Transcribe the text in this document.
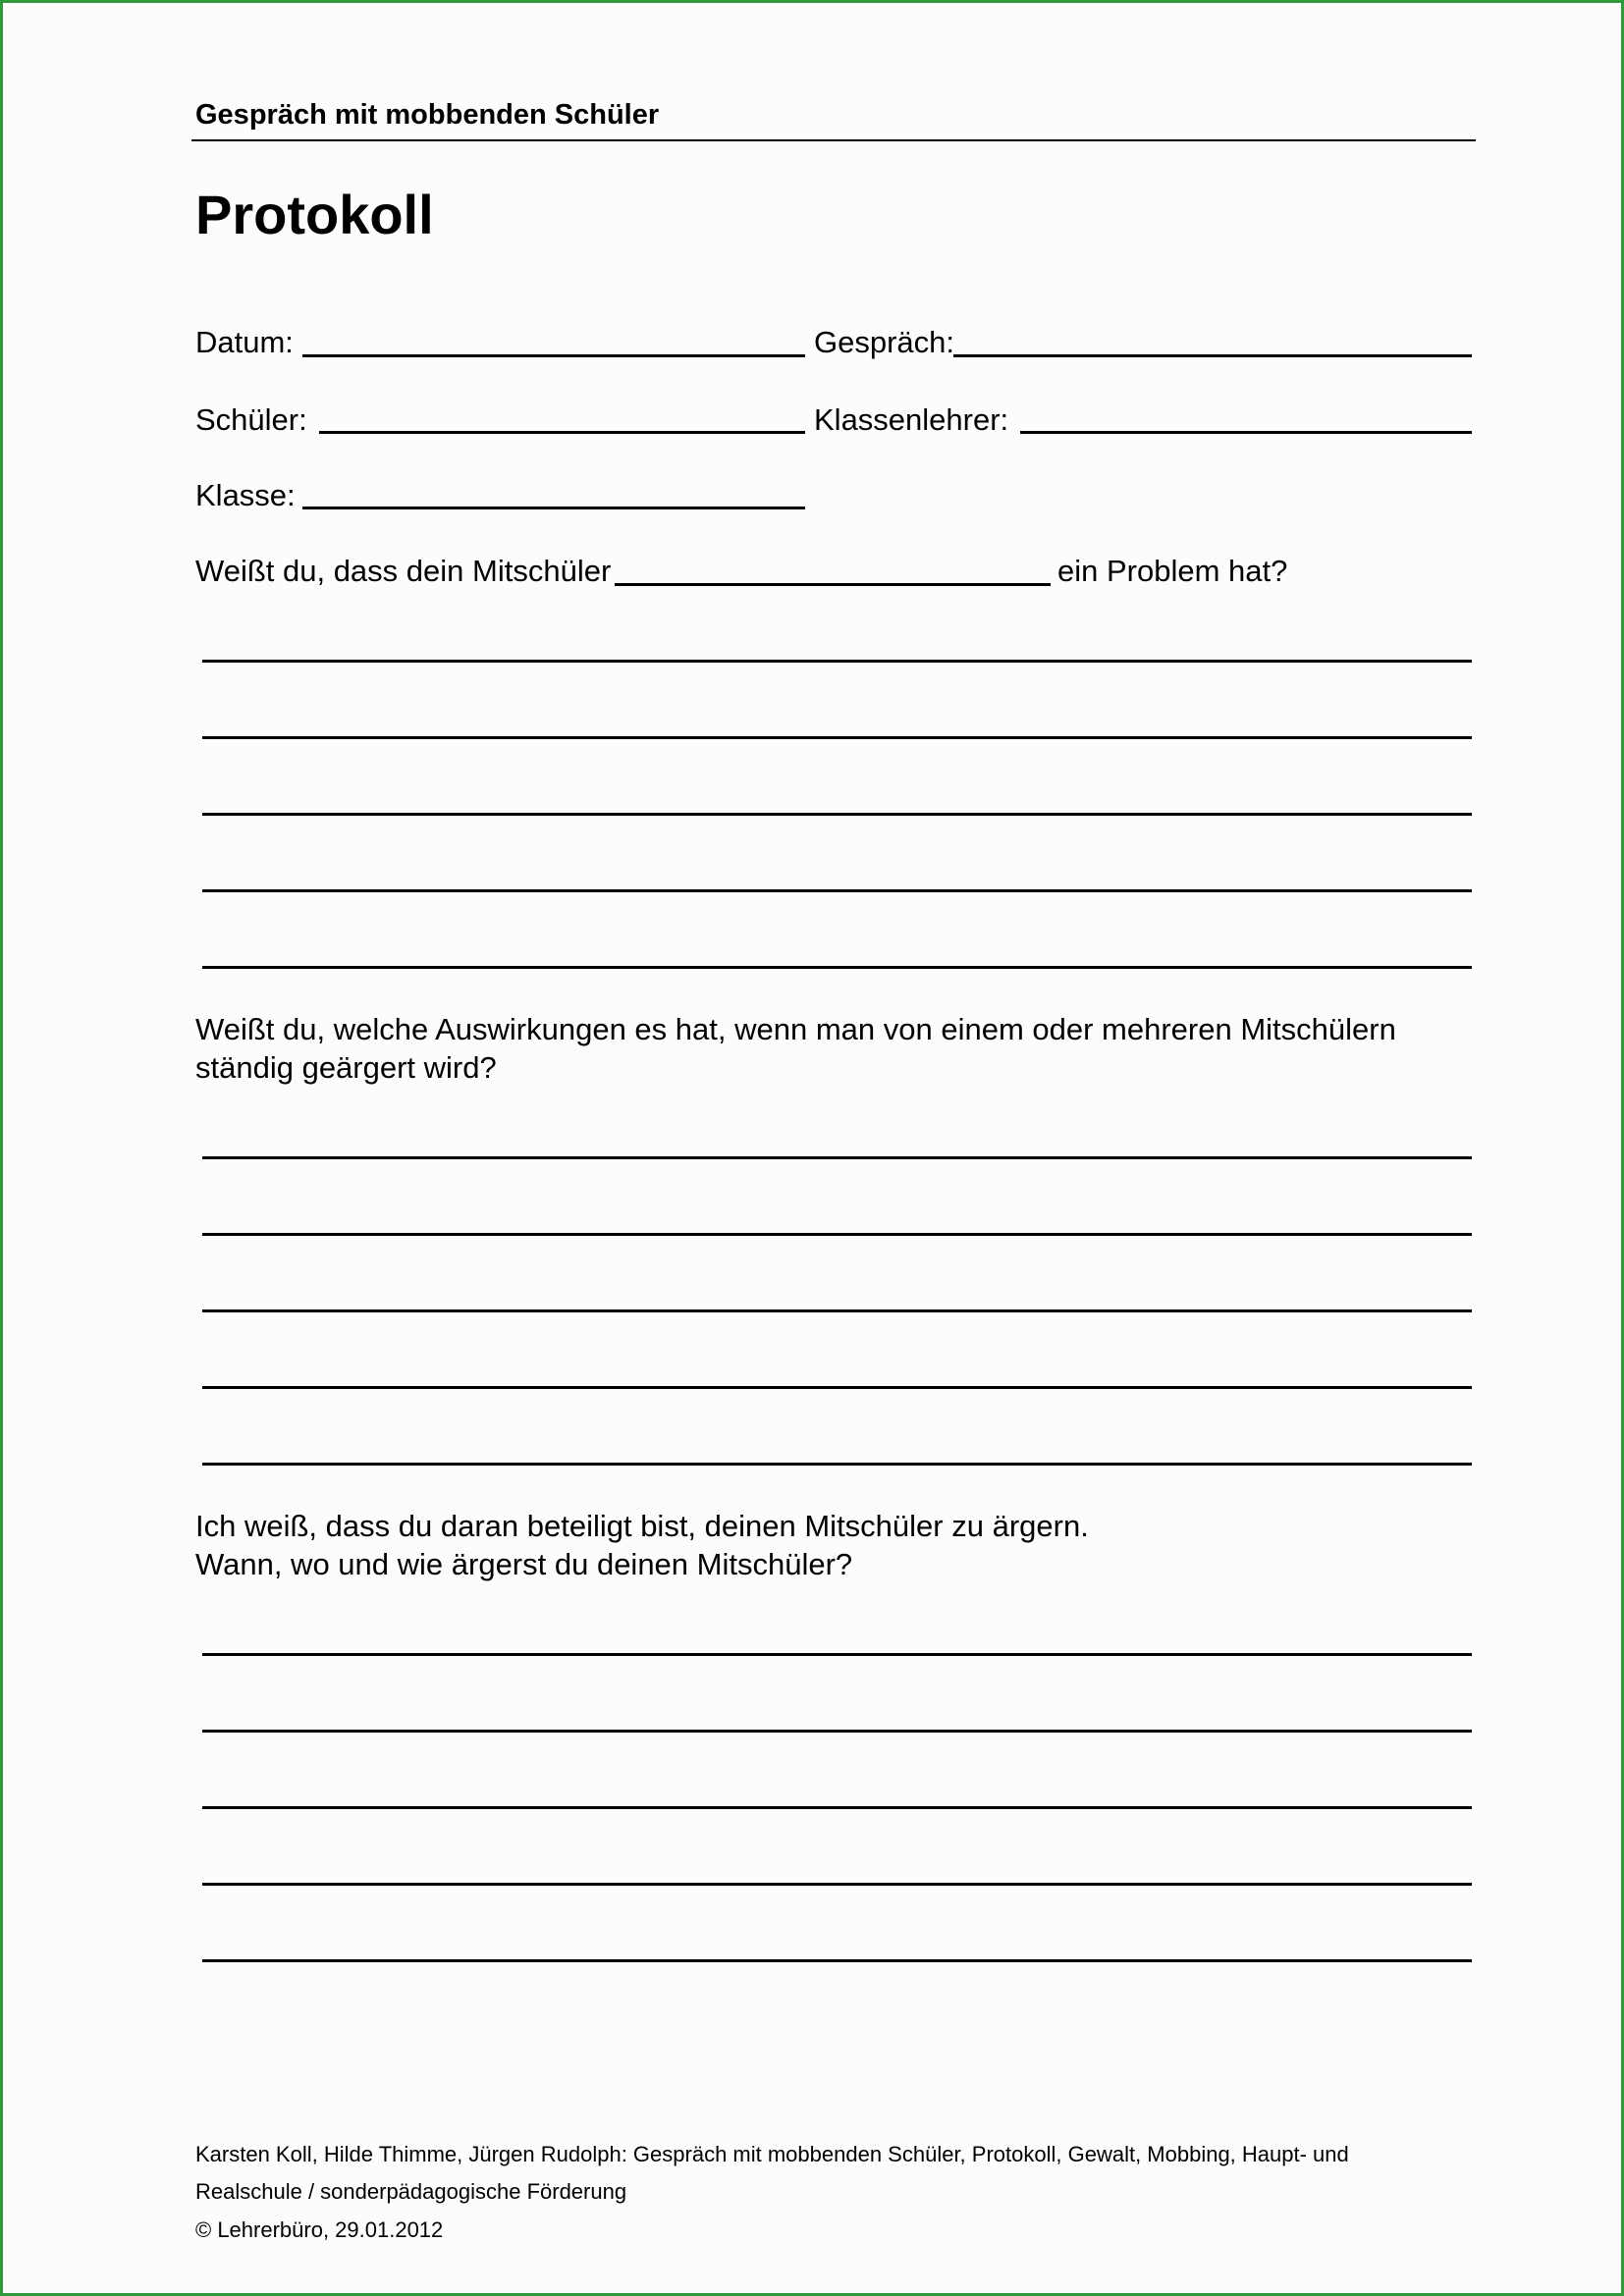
Gespräch mit mobbenden Schüler
Protokoll
Datum:	Gespräch:
Schüler:	Klassenlehrer:
Klasse:
Weißt du, dass dein Mitschüler	ein Problem hat?
Weißt du, welche Auswirkungen es hat, wenn man von einem oder mehreren Mitschülern
ständig geärgert wird?
Ich weiß, dass du daran beteiligt bist, deinen Mitschüler zu ärgern.
Wann, wo und wie ärgerst du deinen Mitschüler?
Karsten Koll, Hilde Thimme, Jürgen Rudolph: Gespräch mit mobbenden Schüler, Protokoll, Gewalt, Mobbing, Haupt- und
Realschule / sonderpädagogische Förderung
© Lehrerbüro, 29.01.2012
